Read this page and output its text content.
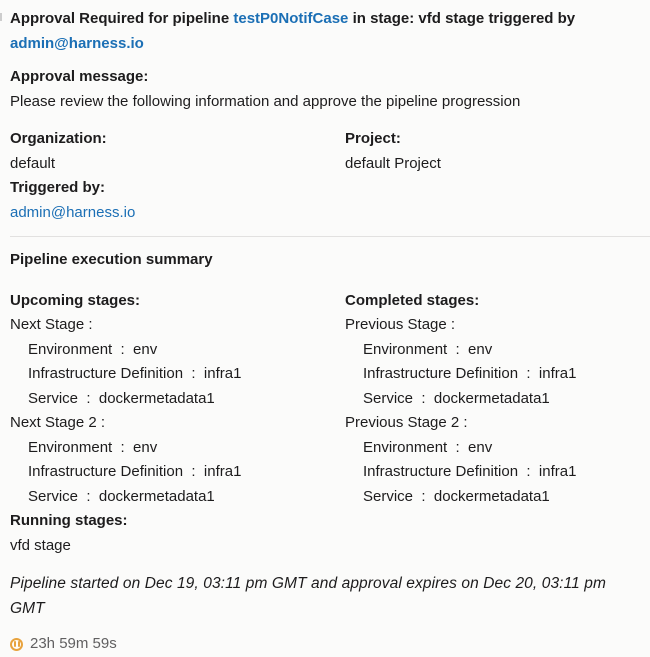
Approval Required for pipeline testP0NotifCase in stage: vfd stage triggered by
admin@harness.io
Approval message:
Please review the following information and approve the pipeline progression
Organization:
default
Triggered by:
admin@harness.io
Project:
default Project
Pipeline execution summary
Upcoming stages:
Next Stage :
Environment  :  env
Infrastructure Definition  :  infra1
Service  :  dockermetadata1
Next Stage 2 :
Environment  :  env
Infrastructure Definition  :  infra1
Service  :  dockermetadata1
Completed stages:
Previous Stage :
Environment  :  env
Infrastructure Definition  :  infra1
Service  :  dockermetadata1
Previous Stage 2 :
Environment  :  env
Infrastructure Definition  :  infra1
Service  :  dockermetadata1
Running stages:
vfd stage
Pipeline started on Dec 19, 03:11 pm GMT and approval expires on Dec 20, 03:11 pm GMT
23h 59m 59s
